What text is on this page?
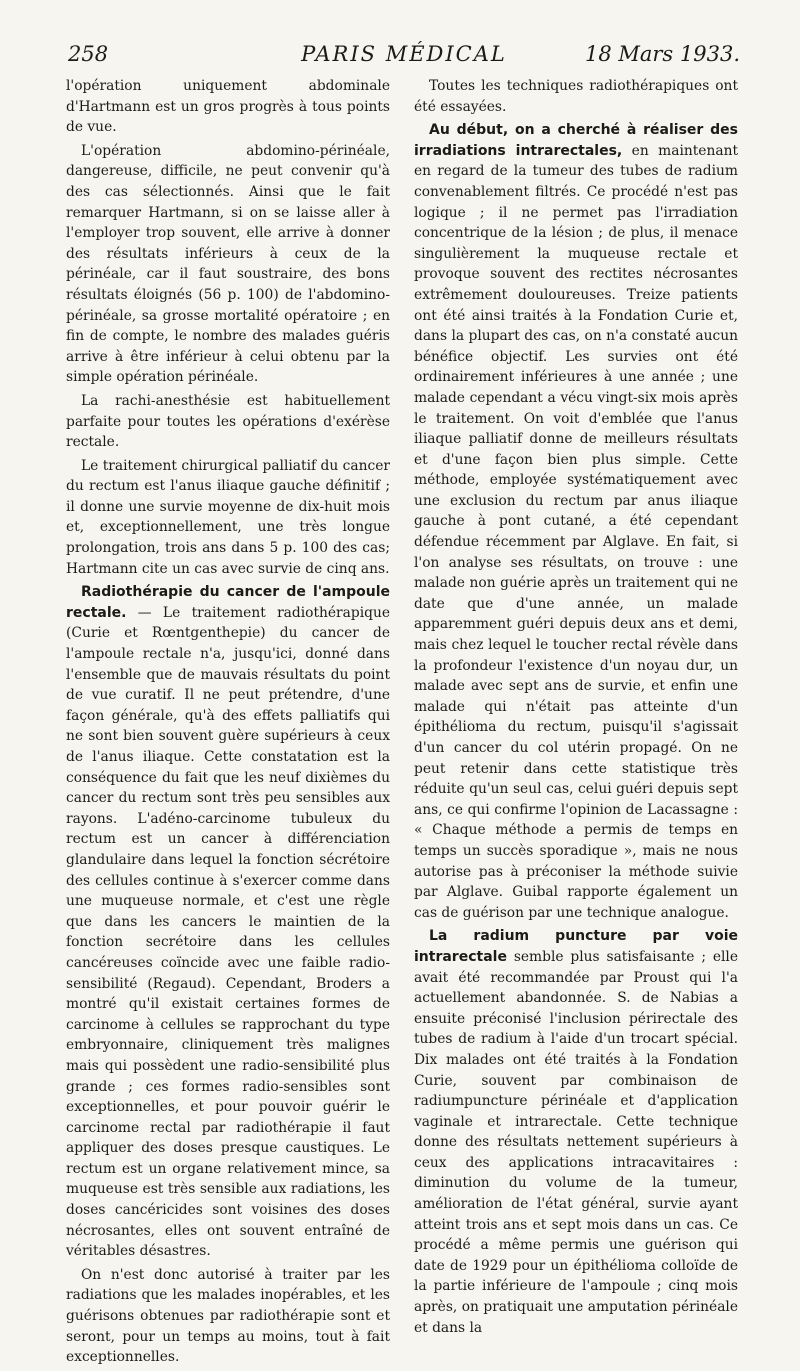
258	PARIS MÉDICAL	18 Mars 1933.

l'opération uniquement abdominale d'Hartmann est un gros progrès à tous points de vue.

L'opération abdomino-périnéale, dangereuse, difficile, ne peut convenir qu'à des cas sélectionnés. Ainsi que le fait remarquer Hartmann, si on se laisse aller à l'employer trop souvent, elle arrive à donner des résultats inférieurs à ceux de la périnéale, car il faut soustraire, des bons résultats éloignés (56 p. 100) de l'abdomino-périnéale, sa grosse mortalité opératoire ; en fin de compte, le nombre des malades guéris arrive à être inférieur à celui obtenu par la simple opération périnéale.

La rachi-anesthésie est habituellement parfaite pour toutes les opérations d'exérèse rectale.

Le traitement chirurgical palliatif du cancer du rectum est l'anus iliaque gauche définitif ; il donne une survie moyenne de dix-huit mois et, exceptionnellement, une très longue prolongation, trois ans dans 5 p. 100 des cas; Hartmann cite un cas avec survie de cinq ans.

Radiothérapie du cancer de l'ampoule rectale. — Le traitement radiothérapique (Curie et Rœntgenthepie) du cancer de l'ampoule rectale n'a, jusqu'ici, donné dans l'ensemble que de mauvais résultats du point de vue curatif. Il ne peut prétendre, d'une façon générale, qu'à des effets palliatifs qui ne sont bien souvent guère supérieurs à ceux de l'anus iliaque. Cette constatation est la conséquence du fait que les neuf dixièmes du cancer du rectum sont très peu sensibles aux rayons. L'adéno-carcinome tubuleux du rectum est un cancer à différenciation glandulaire dans lequel la fonction sécrétoire des cellules continue à s'exercer comme dans une muqueuse normale, et c'est une règle que dans les cancers le maintien de la fonction secrétoire dans les cellules cancéreuses coïncide avec une faible radio-sensibilité (Regaud). Cependant, Broders a montré qu'il existait certaines formes de carcinome à cellules se rapprochant du type embryonnaire, cliniquement très malignes mais qui possèdent une radio-sensibilité plus grande ; ces formes radio-sensibles sont exceptionnelles, et pour pouvoir guérir le carcinome rectal par radiothérapie il faut appliquer des doses presque caustiques. Le rectum est un organe relativement mince, sa muqueuse est très sensible aux radiations, les doses cancéricides sont voisines des doses nécrosantes, elles ont souvent entraîné de véritables désastres.

On n'est donc autorisé à traiter par les radiations que les malades inopérables, et les guérisons obtenues par radiothérapie sont et seront, pour un temps au moins, tout à fait exceptionnelles.

Toutes les techniques radiothérapiques ont été essayées.

Au début, on a cherché à réaliser des irradiations intrarectales, en maintenant en regard de la tumeur des tubes de radium convenablement filtrés. Ce procédé n'est pas logique ; il ne permet pas l'irradiation concentrique de la lésion ; de plus, il menace singulièrement la muqueuse rectale et provoque souvent des rectites nécrosantes extrêmement douloureuses. Treize patients ont été ainsi traités à la Fondation Curie et, dans la plupart des cas, on n'a constaté aucun bénéfice objectif. Les survies ont été ordinairement inférieures à une année ; une malade cependant a vécu vingt-six mois après le traitement. On voit d'emblée que l'anus iliaque palliatif donne de meilleurs résultats et d'une façon bien plus simple. Cette méthode, employée systématiquement avec une exclusion du rectum par anus iliaque gauche à pont cutané, a été cependant défendue récemment par Alglave. En fait, si l'on analyse ses résultats, on trouve : une malade non guérie après un traitement qui ne date que d'une année, un malade apparemment guéri depuis deux ans et demi, mais chez lequel le toucher rectal révèle dans la profondeur l'existence d'un noyau dur, un malade avec sept ans de survie, et enfin une malade qui n'était pas atteinte d'un épithélioma du rectum, puisqu'il s'agissait d'un cancer du col utérin propagé. On ne peut retenir dans cette statistique très réduite qu'un seul cas, celui guéri depuis sept ans, ce qui confirme l'opinion de Lacassagne : « Chaque méthode a permis de temps en temps un succès sporadique », mais ne nous autorise pas à préconiser la méthode suivie par Alglave. Guibal rapporte également un cas de guérison par une technique analogue.

La radium puncture par voie intrarectale semble plus satisfaisante ; elle avait été recommandée par Proust qui l'a actuellement abandonnée. S. de Nabias a ensuite préconisé l'inclusion périrectale des tubes de radium à l'aide d'un trocart spécial. Dix malades ont été traités à la Fondation Curie, souvent par combinaison de radiumpuncture périnéale et d'application vaginale et intrarectale. Cette technique donne des résultats nettement supérieurs à ceux des applications intracavitaires : diminution du volume de la tumeur, amélioration de l'état général, survie ayant atteint trois ans et sept mois dans un cas. Ce procédé a même permis une guérison qui date de 1929 pour un épithélioma colloïde de la partie inférieure de l'ampoule ; cinq mois après, on pratiquait une amputation périnéale et dans la
